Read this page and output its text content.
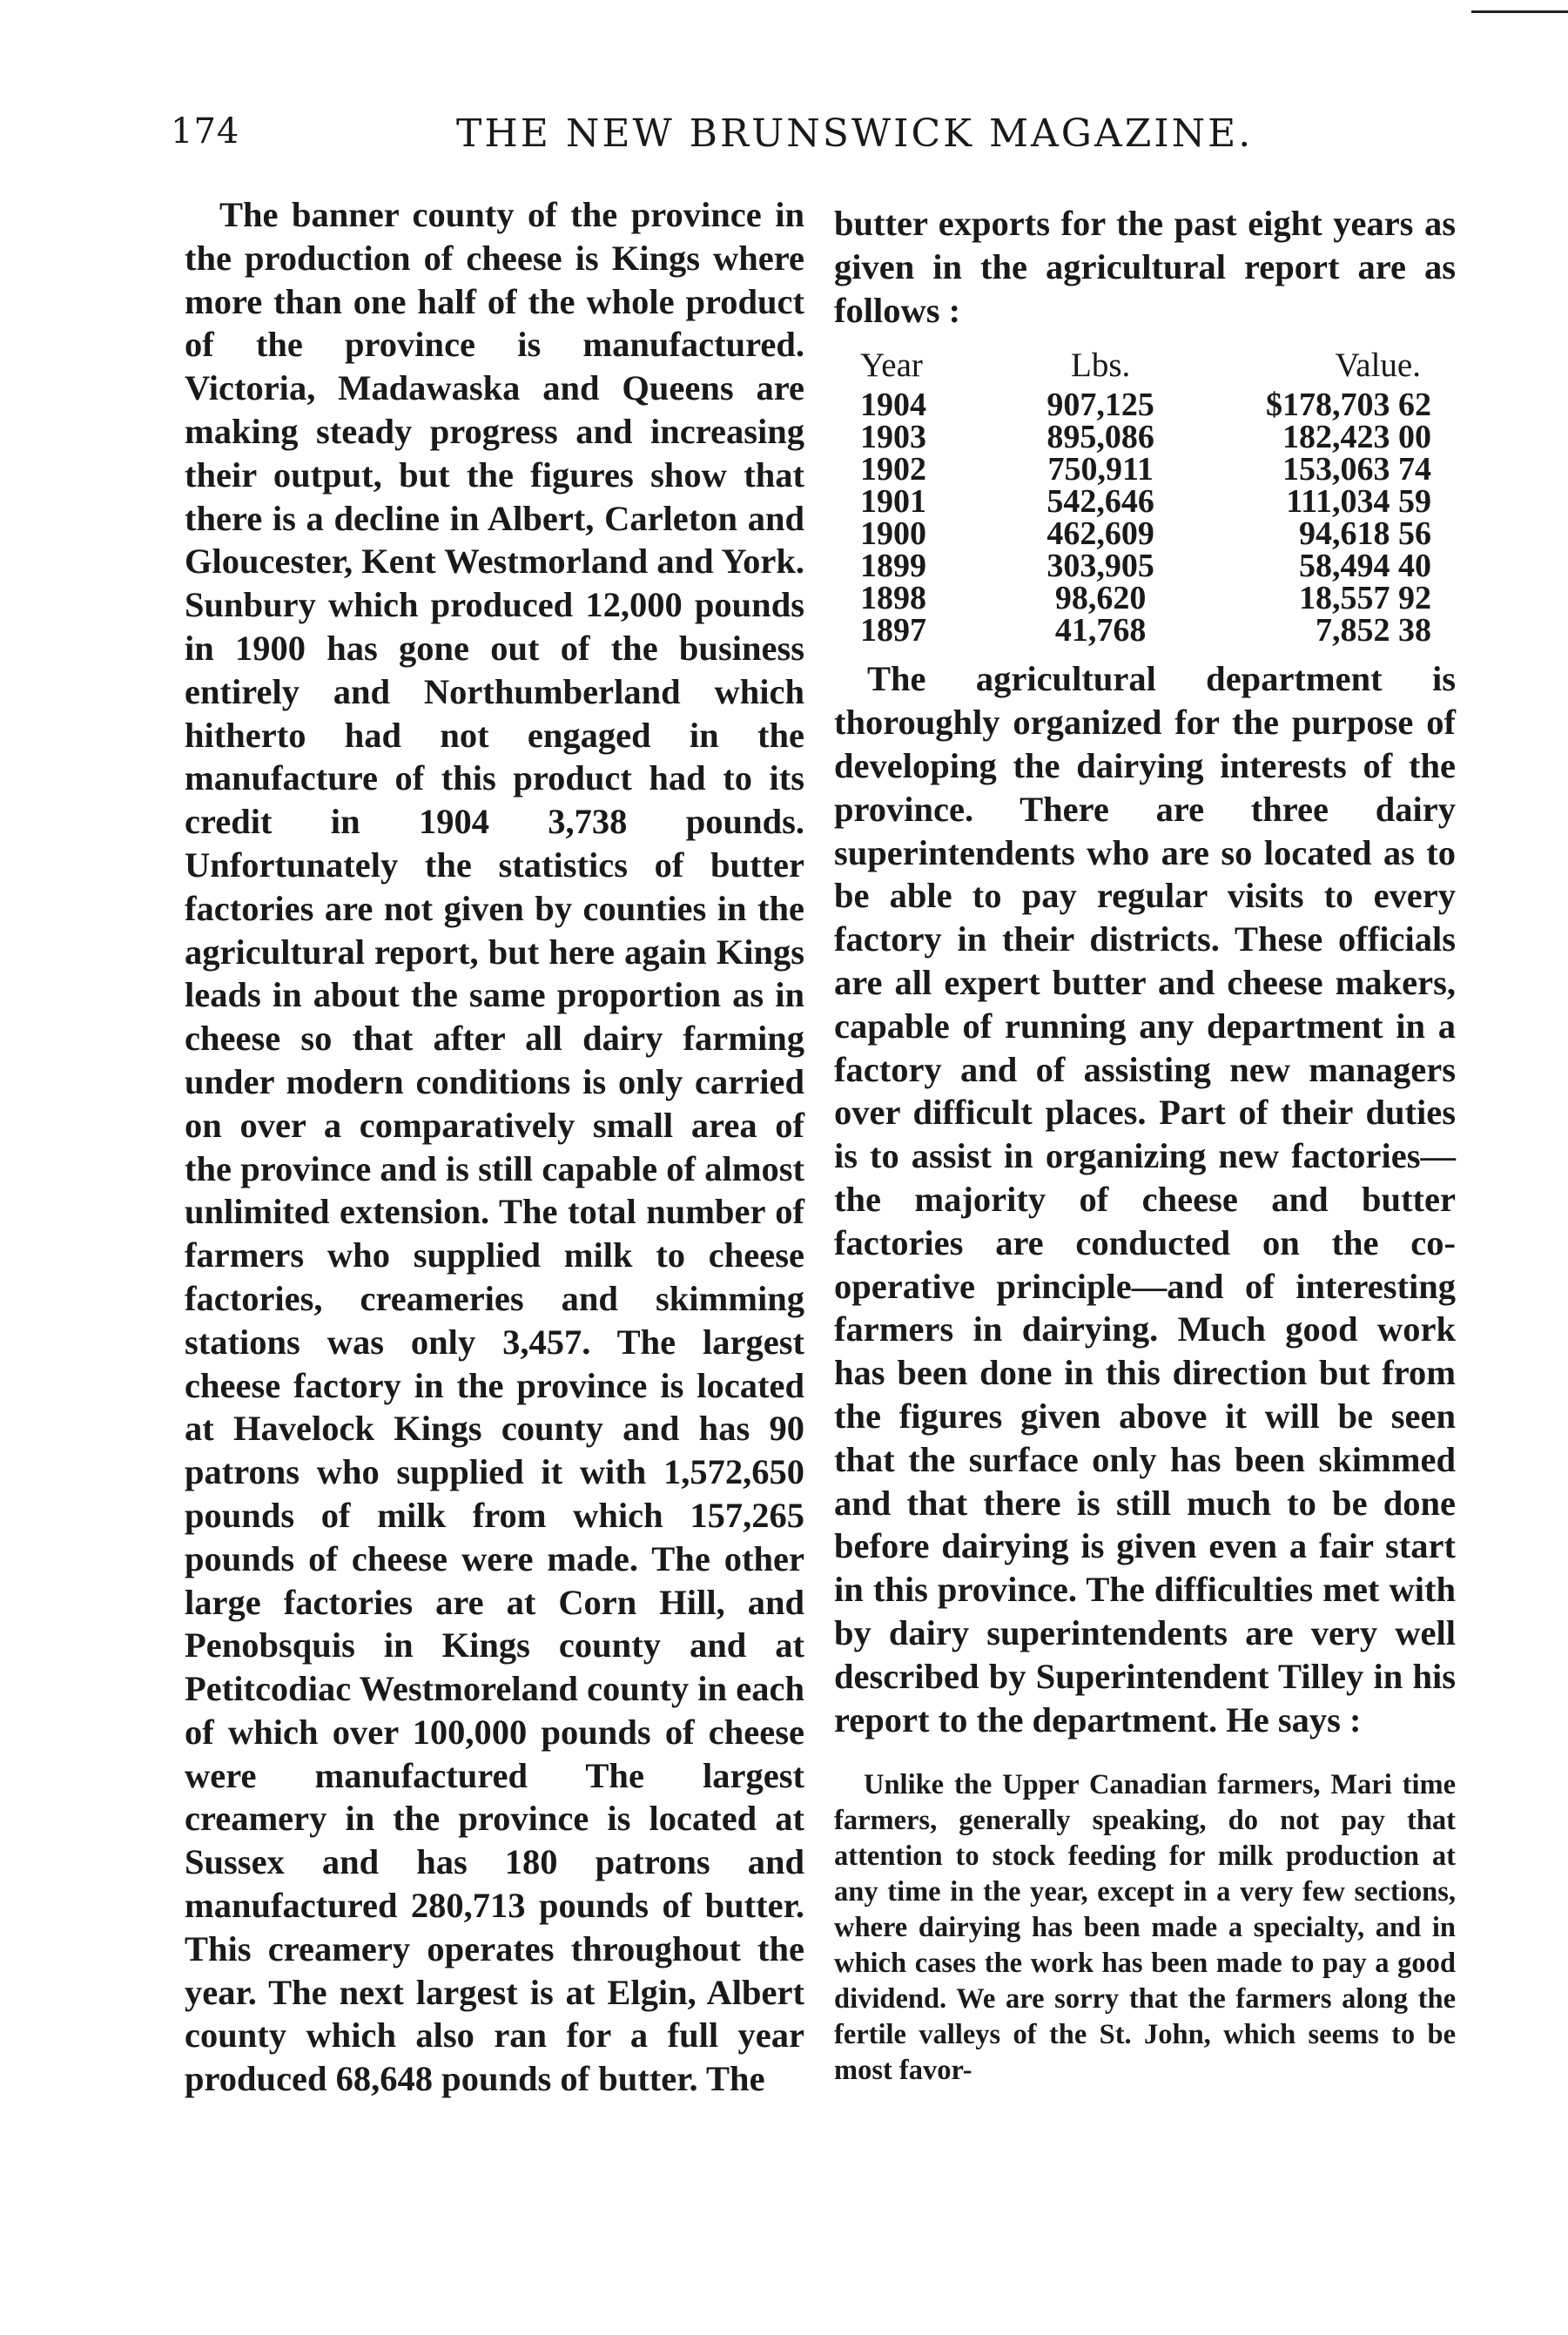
174	THE NEW BRUNSWICK MAGAZINE.

The banner county of the province in the production of cheese is Kings where more than one half of the whole product of the province is manufactured. Victoria, Madawaska and Queens are making steady progress and increasing their output, but the figures show that there is a decline in Albert, Carleton and Gloucester, Kent Westmorland and York. Sunbury which produced 12,000 pounds in 1900 has gone out of the business entirely and Northumberland which hitherto had not engaged in the manufacture of this product had to its credit in 1904 3,738 pounds. Unfortunately the statistics of butter factories are not given by counties in the agricultural report, but here again Kings leads in about the same proportion as in cheese so that after all dairy farming under modern conditions is only carried on over a comparatively small area of the province and is still capable of almost unlimited extension. The total number of farmers who supplied milk to cheese factories, creameries and skimming stations was only 3,457. The largest cheese factory in the province is located at Havelock Kings county and has 90 patrons who supplied it with 1,572,650 pounds of milk from which 157,265 pounds of cheese were made. The other large factories are at Corn Hill, and Penobsquis in Kings county and at Petitcodiac Westmoreland county in each of which over 100,000 pounds of cheese were manufactured The largest creamery in the province is located at Sussex and has 180 patrons and manufactured 280,713 pounds of butter. This creamery operates throughout the year. The next largest is at Elgin, Albert county which also ran for a full year produced 68,648 pounds of butter. The

butter exports for the past eight years as given in the agricultural report are as follows :

Year	Lbs.	Value.
1904	907,125	$178,703 62
1903	895,086	182,423 00
1902	750,911	153,063 74
1901	542,646	111,034 59
1900	462,609	94,618 56
1899	303,905	58,494 40
1898	98,620	18,557 92
1897	41,768	7,852 38

The agricultural department is thoroughly organized for the purpose of developing the dairying interests of the province. There are three dairy superintendents who are so located as to be able to pay regular visits to every factory in their districts. These officials are all expert butter and cheese makers, capable of running any department in a factory and of assisting new managers over difficult places. Part of their duties is to assist in organizing new factories—the majority of cheese and butter factories are conducted on the co-operative principle—and of interesting farmers in dairying. Much good work has been done in this direction but from the figures given above it will be seen that the surface only has been skimmed and that there is still much to be done before dairying is given even a fair start in this province. The difficulties met with by dairy superintendents are very well described by Superintendent Tilley in his report to the department. He says :

Unlike the Upper Canadian farmers, Mari time farmers, generally speaking, do not pay that attention to stock feeding for milk production at any time in the year, except in a very few sections, where dairying has been made a specialty, and in which cases the work has been made to pay a good dividend. We are sorry that the farmers along the fertile valleys of the St. John, which seems to be most favor-
